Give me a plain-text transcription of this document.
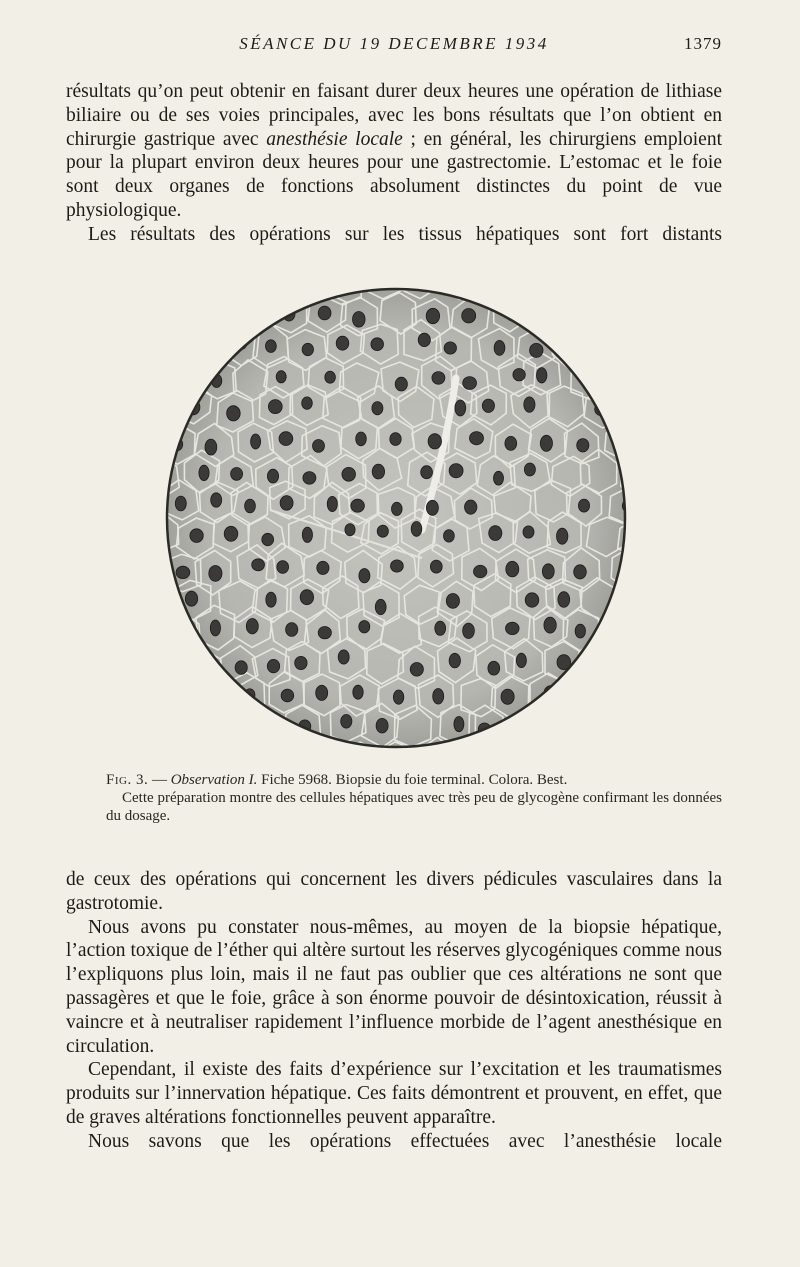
SÉANCE DU 19 DECEMBRE 1934	1379

résultats qu’on peut obtenir en faisant durer deux heures une opération de lithiase biliaire ou de ses voies principales, avec les bons résultats que l’on obtient en chirurgie gastrique avec anesthésie locale ; en général, les chirurgiens emploient pour la plupart environ deux heures pour une gastrectomie. L’estomac et le foie sont deux organes de fonctions absolument distinctes du point de vue physiologique.

Les résultats des opérations sur les tissus hépatiques sont fort distants

Fig. 3. — Observation I. Fiche 5968. Biopsie du foie terminal. Colora. Best.

Cette préparation montre des cellules hépatiques avec très peu de glycogène confirmant les données du dosage.

de ceux des opérations qui concernent les divers pédicules vasculaires dans la gastrotomie.

Nous avons pu constater nous-mêmes, au moyen de la biopsie hépatique, l’action toxique de l’éther qui altère surtout les réserves glycogéniques comme nous l’expliquons plus loin, mais il ne faut pas oublier que ces altérations ne sont que passagères et que le foie, grâce à son énorme pouvoir de désintoxication, réussit à vaincre et à neutraliser rapidement l’influence morbide de l’agent anesthésique en circulation.

Cependant, il existe des faits d’expérience sur l’excitation et les traumatismes produits sur l’innervation hépatique. Ces faits démontrent et prouvent, en effet, que de graves altérations fonctionnelles peuvent apparaître.

Nous savons que les opérations effectuées avec l’anesthésie locale
